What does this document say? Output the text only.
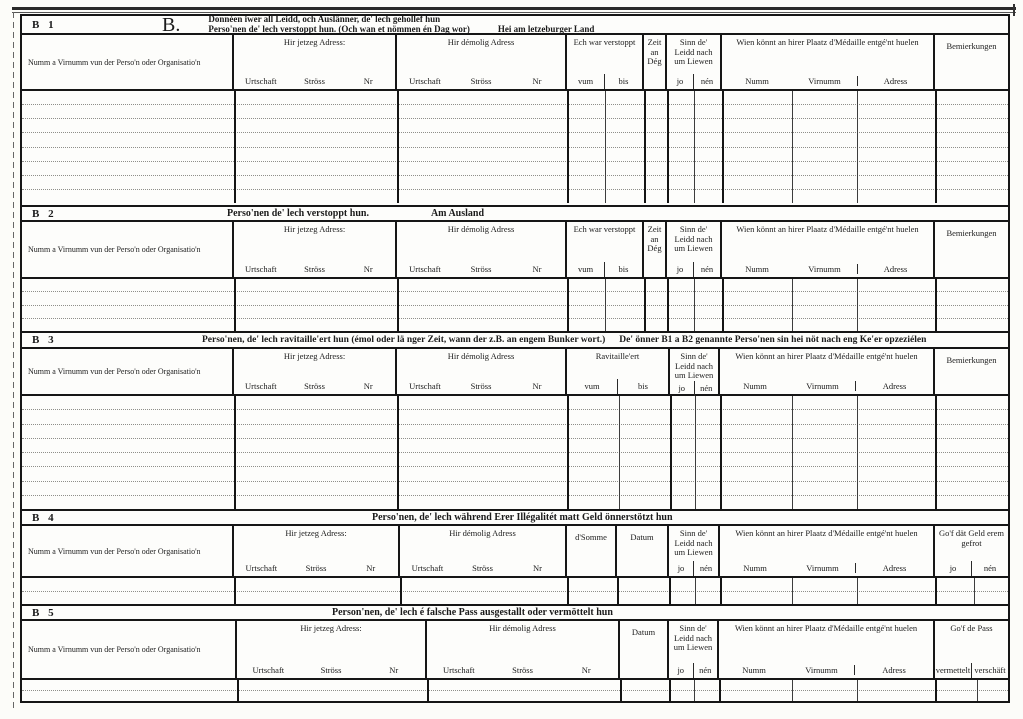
B 1	B.	Donnéen iwer all Leidd, och Auslänner, de' lech gehollef hun
Perso'nen de' lech verstoppt hun. (Och wan et nömmen én Dag wor)	Hei am letzeburger Land
Numm a Virnumm vun der Perso'n oder Organisatio'n
Hir jetzeg Adress:
Urtschaft	Ströss	Nr
Hir démolig Adress
Urtschaft	Ströss	Nr
Ech war verstoppt
vum	bis
Zeit an Dég
Sinn de' Leidd nach um Liewen
jo	nén
Wien könnt an hirer Plaatz d'Médaille entgé'nt huelen
Numm	Virnumm	Adress
Bemierkungen
B 2	Perso'nen de' lech verstoppt hun.	Am Ausland
Numm a Virnumm vun der Perso'n oder Organisatio'n
Hir jetzeg Adress:
Urtschaft	Ströss	Nr
Hir démolig Adress
Urtschaft	Ströss	Nr
Ech war verstoppt
vum	bis
Zeit an Dég
Sinn de' Leidd nach um Liewen
jo	nén
Wien könnt an hirer Plaatz d'Médaille entgé'nt huelen
Numm	Virnumm	Adress
Bemierkungen
B 3	Perso'nen, de' lech ravitaille'ert hun (émol oder lä nger Zeit, wann der z.B. an engem Bunker wort.) De' önner B1 a B2 genannte Perso'nen sin hei nöt nach eng Ke'er opzeziélen
Numm a Virnumm vun der Perso'n oder Organisatio'n
Hir jetzeg Adress:
Urtschaft	Ströss	Nr
Hir démolig Adress
Urtschaft	Ströss	Nr
Ravitaille'ert
vum	bis
Sinn de' Leidd nach um Liewen
jo	nén
Wien könnt an hirer Plaatz d'Médaille entgé'nt huelen
Numm	Virnumm	Adress
Bemierkungen
B 4	Perso'nen, de' lech während Erer Illégalitét matt Geld önnerstötzt hun
Numm a Virnumm vun der Perso'n oder Organisatio'n
Hir jetzeg Adress:
Urtschaft	Ströss	Nr
Hir démolig Adress
Urtschaft	Ströss	Nr
d'Somme	Datum	Sinn de' Leidd nach um Liewen
jo	nén
Wien könnt an hirer Plaatz d'Médaille entgé'nt huelen
Numm	Virnumm	Adress
Go'f dät Geld erem gefrot
jo	nén
B 5	Person'nen, de' lech é falsche Pass ausgestallt oder vermöttelt hun
Numm a Virnumm vun der Perso'n oder Organisatio'n
Hir jetzeg Adress:
Urtschaft	Ströss	Nr
Hir démolig Adress
Urtschaft	Ströss	Nr
Datum	Sinn de' Leidd nach um Liewen
jo	nén
Wien könnt an hirer Plaatz d'Médaille entgé'nt huelen
Numm	Virnumm	Adress
Go'f de Pass
vermettelt verschäft
